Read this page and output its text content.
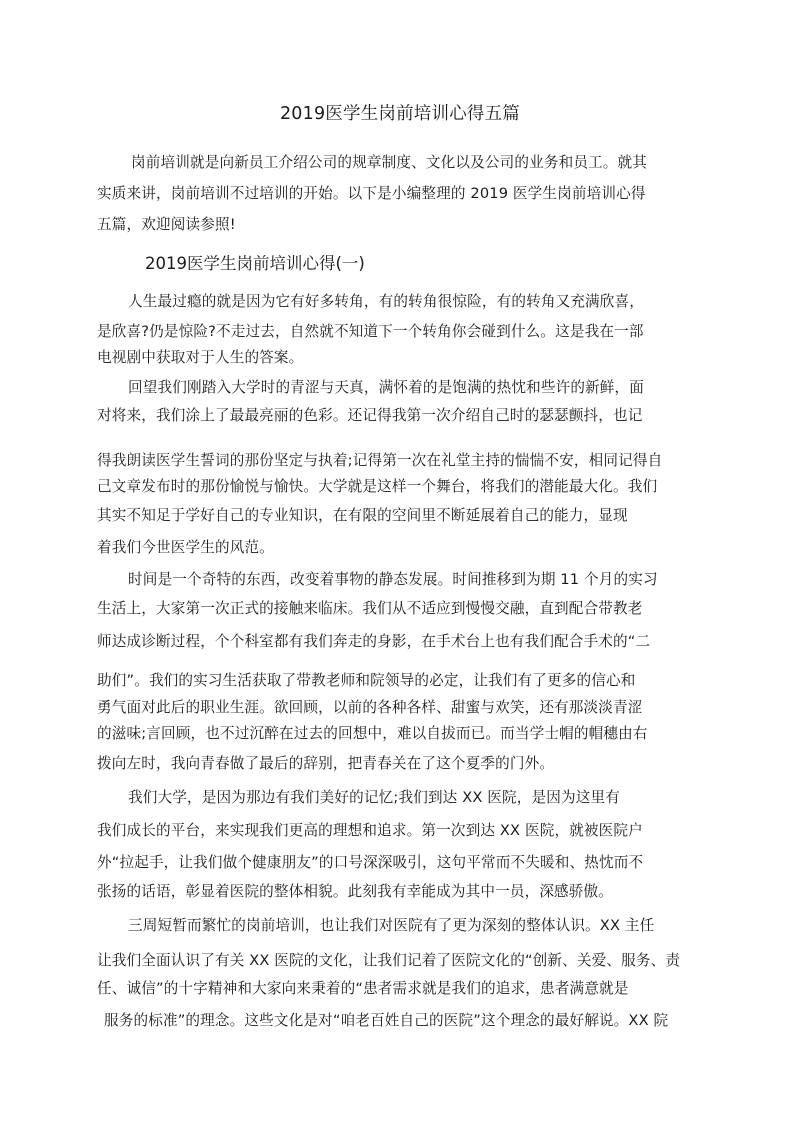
2019医学生岗前培训心得五篇
岗前培训就是向新员工介绍公司的规章制度、文化以及公司的业务和员工。就其
实质来讲，岗前培训不过培训的开始。以下是小编整理的 2019 医学生岗前培训心得
五篇，欢迎阅读参照!
2019医学生岗前培训心得(一)
人生最过瘾的就是因为它有好多转角，有的转角很惊险，有的转角又充满欣喜，
是欣喜?仍是惊险?不走过去，自然就不知道下一个转角你会碰到什么。这是我在一部
电视剧中获取对于人生的答案。
回望我们刚踏入大学时的青涩与天真，满怀着的是饱满的热忱和些许的新鲜，面
对将来，我们涂上了最最亮丽的色彩。还记得我第一次介绍自己时的瑟瑟颤抖，也记
得我朗读医学生誓词的那份坚定与执着;记得第一次在礼堂主持的惴惴不安，相同记得自
己文章发布时的那份愉悦与愉快。大学就是这样一个舞台，将我们的潜能最大化。我们
其实不知足于学好自己的专业知识，在有限的空间里不断延展着自己的能力，显现
着我们今世医学生的风范。
时间是一个奇特的东西，改变着事物的静态发展。时间推移到为期 11 个月的实习
生活上，大家第一次正式的接触来临床。我们从不适应到慢慢交融，直到配合带教老
师达成诊断过程，个个科室都有我们奔走的身影，在手术台上也有我们配合手术的“二
助们”。我们的实习生活获取了带教老师和院领导的必定，让我们有了更多的信心和
勇气面对此后的职业生涯。欲回顾，以前的各种各样、甜蜜与欢笑，还有那淡淡青涩
的滋味;言回顾，也不过沉醉在过去的回想中，难以自拔而已。而当学士帽的帽穗由右
拨向左时，我向青春做了最后的辞别，把青春关在了这个夏季的门外。
我们大学，是因为那边有我们美好的记忆;我们到达 XX 医院，是因为这里有
我们成长的平台，来实现我们更高的理想和追求。第一次到达 XX 医院，就被医院户
外“拉起手，让我们做个健康朋友”的口号深深吸引，这句平常而不失暖和、热忱而不
张扬的话语，彰显着医院的整体相貌。此刻我有幸能成为其中一员，深感骄傲。
三周短暂而繁忙的岗前培训，也让我们对医院有了更为深刻的整体认识。XX 主任
让我们全面认识了有关 XX 医院的文化，让我们记着了医院文化的“创新、关爱、服务、责
任、诚信”的十字精神和大家向来秉着的“患者需求就是我们的追求，患者满意就是
服务的标准”的理念。这些文化是对“咱老百姓自己的医院”这个理念的最好解说。XX 院
